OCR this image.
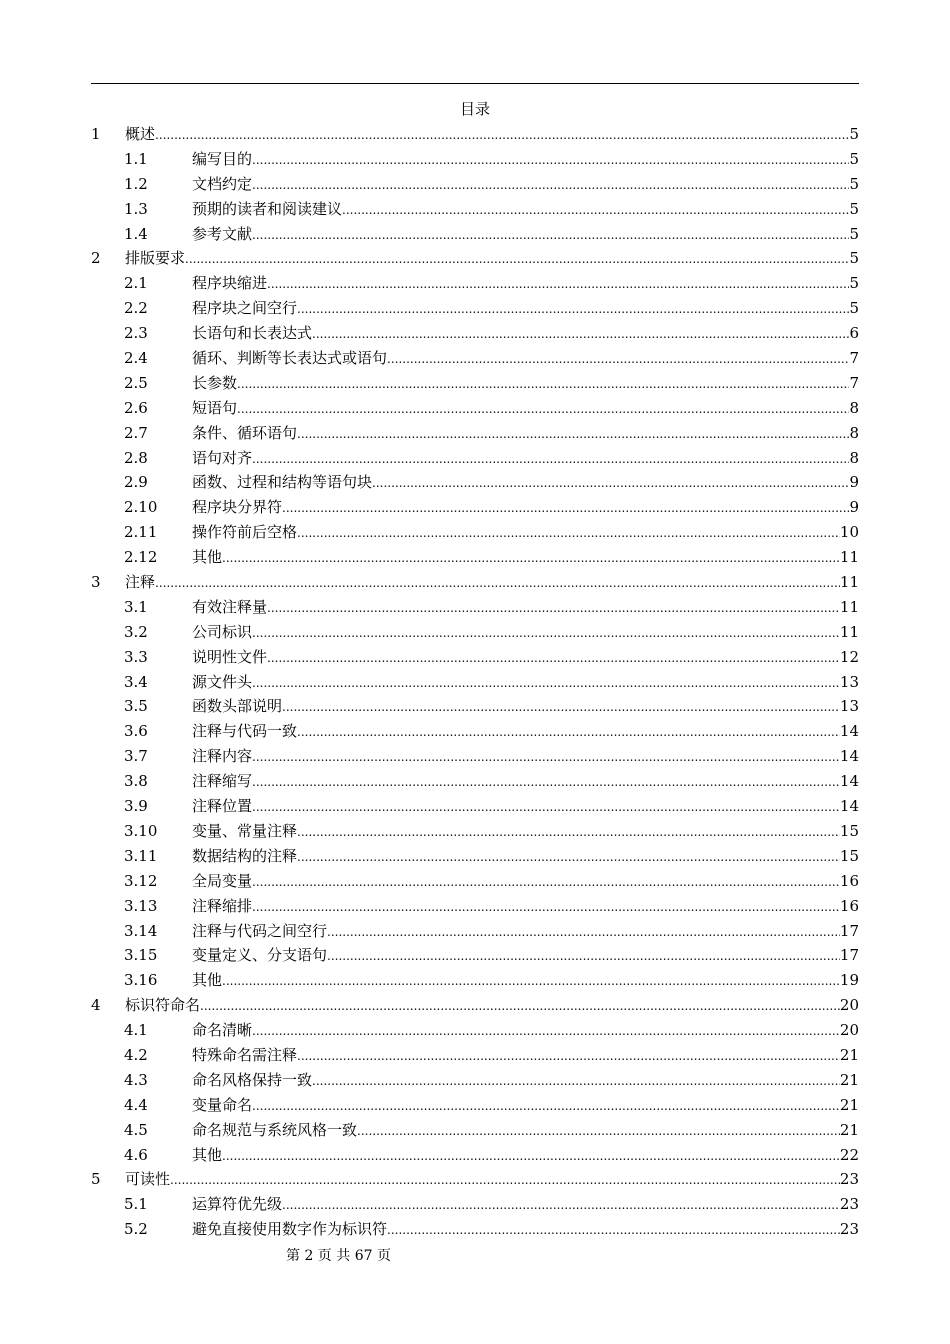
目录
1 概述 .....	5
1.1	编写目的 .....	5
1.2	文档约定 .....	5
1.3	预期的读者和阅读建议 .....	5
1.4	参考文献 .....	5
2 排版要求 .....	5
2.1	程序块缩进 .....	5
2.2	程序块之间空行 .....	5
2.3	长语句和长表达式 .....	6
2.4	循环、判断等长表达式或语句 .....	7
2.5	长参数 .....	7
2.6	短语句 .....	8
2.7	条件、循环语句 .....	8
2.8	语句对齐 .....	8
2.9	函数、过程和结构等语句块 .....	9
2.10 程序块分界符 .....	9
2.11 操作符前后空格 .....	10
2.12 其他 .....	11
3 注释 .....	11
3.1	有效注释量 .....	11
3.2	公司标识 .....	11
3.3	说明性文件 .....	12
3.4	源文件头 .....	13
3.5	函数头部说明 .....	13
3.6	注释与代码一致 .....	14
3.7	注释内容 .....	14
3.8	注释缩写 .....	14
3.9	注释位置 .....	14
3.10 变量、常量注释 .....	15
3.11 数据结构的注释 .....	15
3.12 全局变量 .....	16
3.13 注释缩排 .....	16
3.14 注释与代码之间空行 .....	17
3.15 变量定义、分支语句 .....	17
3.16 其他 .....	19
4 标识符命名 .....	20
4.1	命名清晰 .....	20
4.2	特殊命名需注释 .....	21
4.3	命名风格保持一致 .....	21
4.4	变量命名 .....	21
4.5	命名规范与系统风格一致 .....	21
4.6	其他 .....	22
5 可读性 .....	23
5.1	运算符优先级 .....	23
5.2	避免直接使用数字作为标识符 .....	23
第 2 页 共 67 页
